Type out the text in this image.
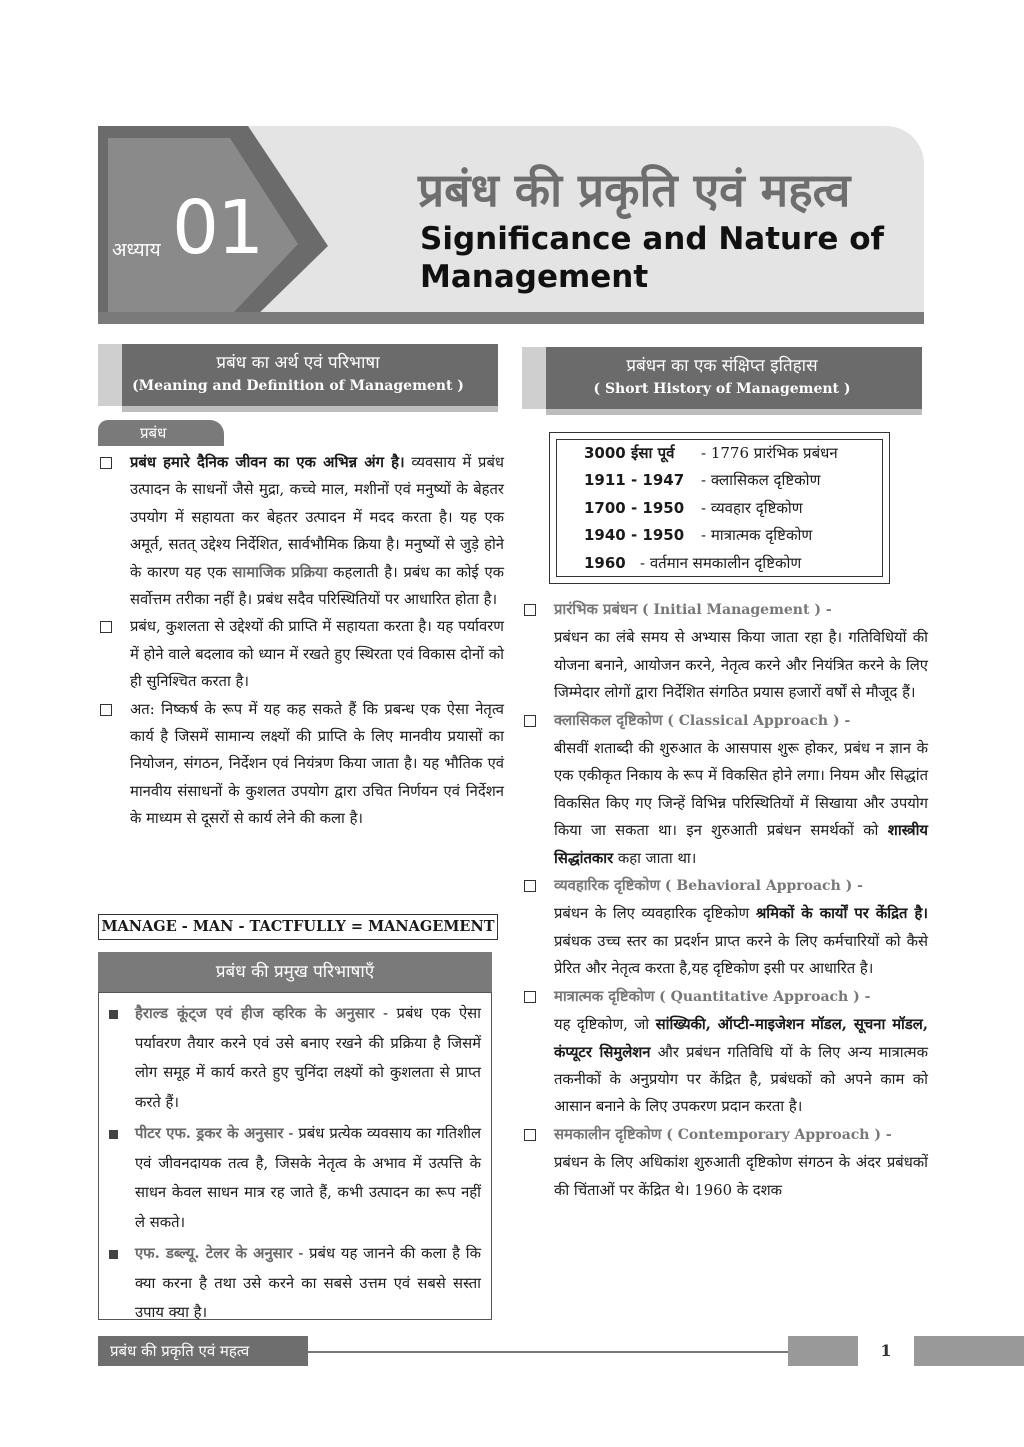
अध्याय 01	प्रबंध की प्रकृति एवं महत्व
Significance and Nature of
Management
प्रबंध का अर्थ एवं परिभाषा
(Meaning and Definition of Management )
प्रबंधन का एक संक्षिप्त इतिहास
( Short History of Management )
प्रबंध

प्रबंध हमारे दैनिक जीवन का एक अभिन्न अंग है। व्यवसाय में प्रबंध उत्पादन के साधनों जैसे मुद्रा, कच्चे माल, मशीनों एवं मनुष्यों के बेहतर उपयोग में सहायता कर बेहतर उत्पादन में मदद करता है। यह एक अमूर्त, सतत् उद्देश्य निर्देशित, सार्वभौमिक क्रिया है। मनुष्यों से जुड़े होने के कारण यह एक सामाजिक प्रक्रिया कहलाती है। प्रबंध का कोई एक सर्वोत्तम तरीका नहीं है। प्रबंध सदैव परिस्थितियों पर आधारित होता है।

प्रबंध, कुशलता से उद्देश्यों की प्राप्ति में सहायता करता है। यह पर्यावरण में होने वाले बदलाव को ध्यान में रखते हुए स्थिरता एवं विकास दोनों को ही सुनिश्चित करता है।

अत: निष्कर्ष के रूप में यह कह सकते हैं कि प्रबन्ध एक ऐसा नेतृत्व कार्य है जिसमें सामान्य लक्ष्यों की प्राप्ति के लिए मानवीय प्रयासों का नियोजन, संगठन, निर्देशन एवं नियंत्रण किया जाता है। यह भौतिक एवं मानवीय संसाधनों के कुशलत उपयोग द्वारा उचित निर्णयन एवं निर्देशन के माध्यम से दूसरों से कार्य लेने की कला है।

MANAGE - MAN - TACTFULLY = MANAGEMENT
प्रबंध की प्रमुख परिभाषाएँ
हैराल्ड कूंट्ज एवं हीज व्हरिक के अनुसार - प्रबंध एक ऐसा पर्यावरण तैयार करने एवं उसे बनाए रखने की प्रक्रिया है जिसमें लोग समूह में कार्य करते हुए चुनिंदा लक्ष्यों को कुशलता से प्राप्त करते हैं।
पीटर एफ. ड्रकर के अनुसार - प्रबंध प्रत्येक व्यवसाय का गतिशील एवं जीवनदायक तत्व है, जिसके नेतृत्व के अभाव में उत्पत्ति के साधन केवल साधन मात्र रह जाते हैं, कभी उत्पादन का रूप नहीं ले सकते।
एफ. डब्ल्यू. टेलर के अनुसार - प्रबंध यह जानने की कला है कि क्या करना है तथा उसे करने का सबसे उत्तम एवं सबसे सस्ता उपाय क्या है।
3000 ईसा पूर्व	- 1776 प्रारंभिक प्रबंधन
1911 - 1947	- क्लासिकल दृष्टिकोण
1700 - 1950	- व्यवहार दृष्टिकोण
1940 - 1950	- मात्रात्मक दृष्टिकोण
1960 - वर्तमान समकालीन दृष्टिकोण

प्रारंभिक प्रबंधन ( Initial Management ) -

प्रबंधन का लंबे समय से अभ्यास किया जाता रहा है। गतिविधियों की योजना बनाने, आयोजन करने, नेतृत्व करने और नियंत्रित करने के लिए जिम्मेदार लोगों द्वारा निर्देशित संगठित प्रयास हजारों वर्षों से मौजूद हैं।

क्लासिकल दृष्टिकोण ( Classical Approach ) -

बीसवीं शताब्दी की शुरुआत के आसपास शुरू होकर, प्रबंध न ज्ञान के एक एकीकृत निकाय के रूप में विकसित होने लगा। नियम और सिद्धांत विकसित किए गए जिन्हें विभिन्न परिस्थितियों में सिखाया और उपयोग किया जा सकता था। इन शुरुआती प्रबंधन समर्थकों को शास्त्रीय सिद्धांतकार कहा जाता था।

व्यवहारिक दृष्टिकोण ( Behavioral Approach ) -

प्रबंधन के लिए व्यवहारिक दृष्टिकोण श्रमिकों के कार्यों पर केंद्रित है। प्रबंधक उच्च स्तर का प्रदर्शन प्राप्त करने के लिए कर्मचारियों को कैसे प्रेरित और नेतृत्व करता है,यह दृष्टिकोण इसी पर आधारित है।

मात्रात्मक दृष्टिकोण ( Quantitative Approach ) -

यह दृष्टिकोण, जो सांख्यिकी, ऑप्टी-माइजेशन मॉडल, सूचना मॉडल, कंप्यूटर सिमुलेशन और प्रबंधन गतिविधि यों के लिए अन्य मात्रात्मक तकनीकों के अनुप्रयोग पर केंद्रित है, प्रबंधकों को अपने काम को आसान बनाने के लिए उपकरण प्रदान करता है।

समकालीन दृष्टिकोण ( Contemporary Approach ) -

प्रबंधन के लिए अधिकांश शुरुआती दृष्टिकोण संगठन के अंदर प्रबंधकों की चिंताओं पर केंद्रित थे। 1960 के दशक

प्रबंध की प्रकृति एवं महत्व	1
